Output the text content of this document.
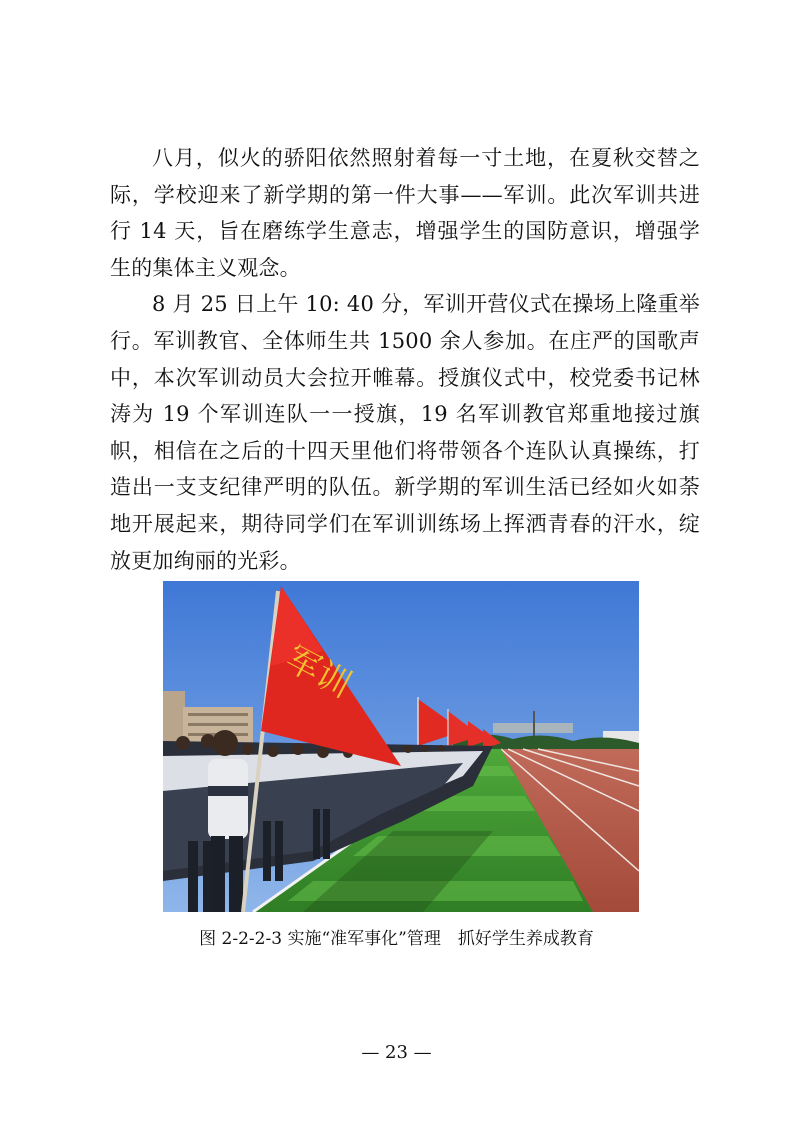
八月，似火的骄阳依然照射着每一寸土地，在夏秋交替之际，学校迎来了新学期的第一件大事——军训。此次军训共进行 14 天，旨在磨练学生意志，增强学生的国防意识，增强学生的集体主义观念。

8 月 25 日上午 10: 40 分，军训开营仪式在操场上隆重举行。军训教官、全体师生共 1500 余人参加。在庄严的国歌声中，本次军训动员大会拉开帷幕。授旗仪式中，校党委书记林涛为 19 个军训连队一一授旗，19 名军训教官郑重地接过旗帜，相信在之后的十四天里他们将带领各个连队认真操练，打造出一支支纪律严明的队伍。新学期的军训生活已经如火如荼地开展起来，期待同学们在军训训练场上挥洒青春的汗水，绽放更加绚丽的光彩。

军训
图 2-2-2-3 实施“准军事化”管理　抓好学生养成教育
— 23 —
